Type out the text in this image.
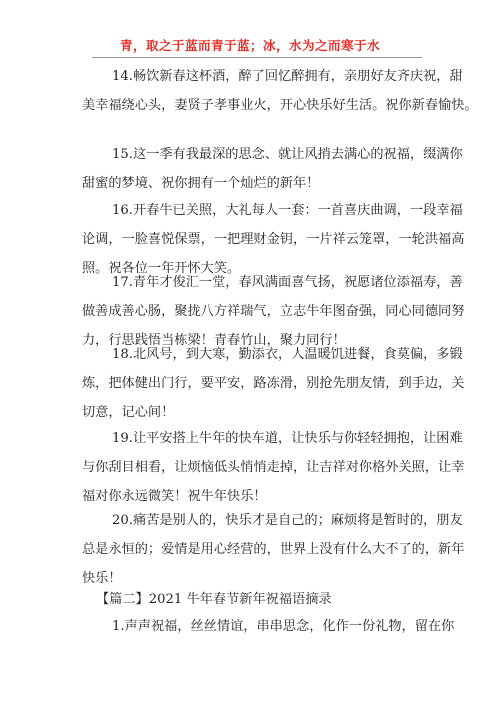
青，取之于蓝而青于蓝；冰，水为之而寒于水
14.畅饮新春这杯酒，醉了回忆醉拥有，亲朋好友齐庆祝，甜
美幸福绕心头，妻贤子孝事业火，开心快乐好生活。祝你新春愉快。
15.这一季有我最深的思念、就让风捎去满心的祝福，缀满你
甜蜜的梦境、祝你拥有一个灿烂的新年！
16.开春牛已关照，大礼每人一套：一首喜庆曲调，一段幸福
论调，一脸喜悦保票，一把理财金钥，一片祥云笼罩，一轮洪福高
照。祝各位一年开怀大笑。
17.青年才俊汇一堂，春风满面喜气扬，祝愿诸位添福寿，善
做善成善心肠，聚拢八方祥瑞气，立志牛年图奋强，同心同德同努
力，行思践悟当栋梁！青春竹山，聚力同行！
18.北风号，到大寒，勤添衣，人温暖饥进餐，食莫偏，多锻
炼，把体健出门行，要平安，路冻滑，别抢先朋友情，到手边，关
切意，记心间！
19.让平安搭上牛年的快车道，让快乐与你轻轻拥抱，让困难
与你刮目相看，让烦恼低头悄悄走掉，让吉祥对你格外关照，让幸
福对你永远微笑！祝牛年快乐！
20.痛苦是别人的，快乐才是自己的；麻烦将是暂时的，朋友
总是永恒的；爱情是用心经营的，世界上没有什么大不了的，新年
快乐！
【篇二】2021 牛年春节新年祝福语摘录
1.声声祝福，丝丝情谊，串串思念，化作一份礼物，留在你
